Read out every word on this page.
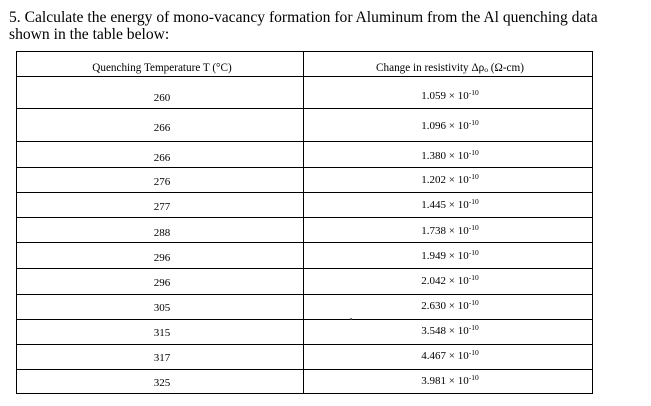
5. Calculate the energy of mono-vacancy formation for Aluminum from the Al quenching data shown in the table below:
Quenching Temperature T (°C)	Change in resistivity $\Delta\rho_o$ (Ω-cm)
260	$1.059 \times 10^{-10}$
266	$1.096 \times 10^{-10}$
266	$1.380 \times 10^{-10}$
276	$1.202 \times 10^{-10}$
277	$1.445 \times 10^{-10}$
288	$1.738 \times 10^{-10}$
296	$1.949 \times 10^{-10}$
296	$2.042 \times 10^{-10}$
305	$2.630 \times 10^{-10}$
315	$3.548 \times 10^{-10}$
317	$4.467 \times 10^{-10}$
325	$3.981 \times 10^{-10}$
